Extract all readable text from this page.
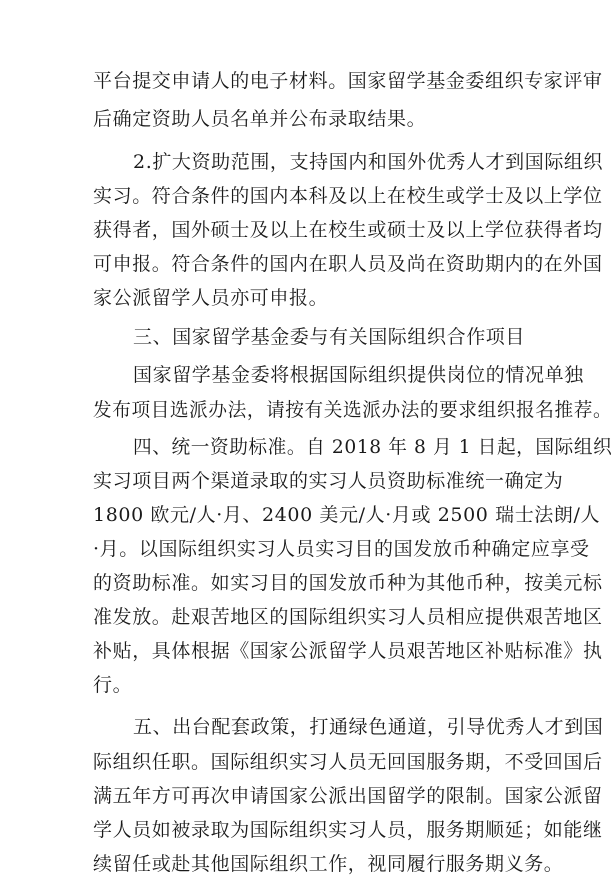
平台提交申请人的电子材料。国家留学基金委组织专家评审
后确定资助人员名单并公布录取结果。
2.扩大资助范围，支持国内和国外优秀人才到国际组织
实习。符合条件的国内本科及以上在校生或学士及以上学位
获得者，国外硕士及以上在校生或硕士及以上学位获得者均
可申报。符合条件的国内在职人员及尚在资助期内的在外国
家公派留学人员亦可申报。
三、国家留学基金委与有关国际组织合作项目
国家留学基金委将根据国际组织提供岗位的情况单独
发布项目选派办法，请按有关选派办法的要求组织报名推荐。
四、统一资助标准。自 2018 年 8 月 1 日起，国际组织
实习项目两个渠道录取的实习人员资助标准统一确定为
1800 欧元/人·月、2400 美元/人·月或 2500 瑞士法朗/人
·月。以国际组织实习人员实习目的国发放币种确定应享受
的资助标准。如实习目的国发放币种为其他币种，按美元标
准发放。赴艰苦地区的国际组织实习人员相应提供艰苦地区
补贴，具体根据《国家公派留学人员艰苦地区补贴标准》执
行。
五、出台配套政策，打通绿色通道，引导优秀人才到国
际组织任职。国际组织实习人员无回国服务期，不受回国后
满五年方可再次申请国家公派出国留学的限制。国家公派留
学人员如被录取为国际组织实习人员，服务期顺延；如能继
续留任或赴其他国际组织工作，视同履行服务期义务。
